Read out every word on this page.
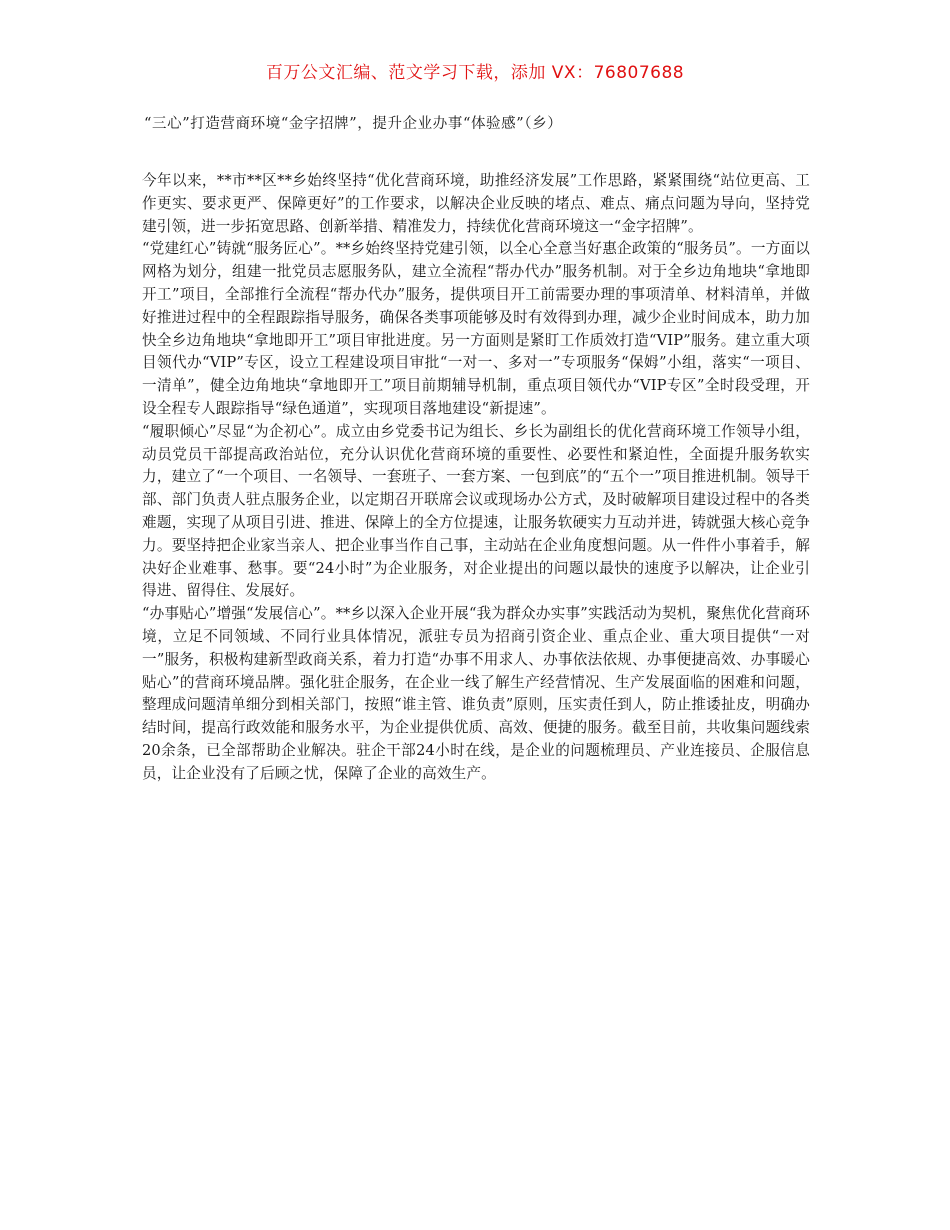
百万公文汇编、范文学习下载，添加 VX：76807688
“三心”打造营商环境“金字招牌”，提升企业办事“体验感”（乡）

今年以来，**市**区**乡始终坚持“优化营商环境，助推经济发展”工作思路，紧紧围绕“站位更高、工作更实、要求更严、保障更好”的工作要求，以解决企业反映的堵点、难点、痛点问题为导向，坚持党建引领，进一步拓宽思路、创新举措、精准发力，持续优化营商环境这一“金字招牌”。

“党建红心”铸就“服务匠心”。**乡始终坚持党建引领，以全心全意当好惠企政策的“服务员”。一方面以网格为划分，组建一批党员志愿服务队，建立全流程“帮办代办”服务机制。对于全乡边角地块“拿地即开工”项目，全部推行全流程“帮办代办”服务，提供项目开工前需要办理的事项清单、材料清单，并做好推进过程中的全程跟踪指导服务，确保各类事项能够及时有效得到办理，减少企业时间成本，助力加快全乡边角地块“拿地即开工”项目审批进度。另一方面则是紧盯工作质效打造“VIP”服务。建立重大项目领代办“VIP”专区，设立工程建设项目审批“一对一、多对一”专项服务“保姆”小组，落实“一项目、一清单”，健全边角地块“拿地即开工”项目前期辅导机制，重点项目领代办“VIP专区”全时段受理，开设全程专人跟踪指导“绿色通道”，实现项目落地建设“新提速”。

“履职倾心”尽显“为企初心”。成立由乡党委书记为组长、乡长为副组长的优化营商环境工作领导小组，动员党员干部提高政治站位，充分认识优化营商环境的重要性、必要性和紧迫性，全面提升服务软实力，建立了“一个项目、一名领导、一套班子、一套方案、一包到底”的“五个一”项目推进机制。领导干部、部门负责人驻点服务企业，以定期召开联席会议或现场办公方式，及时破解项目建设过程中的各类难题，实现了从项目引进、推进、保障上的全方位提速，让服务软硬实力互动并进，铸就强大核心竞争力。要坚持把企业家当亲人、把企业事当作自己事，主动站在企业角度想问题。从一件件小事着手，解决好企业难事、愁事。要“24小时”为企业服务，对企业提出的问题以最快的速度予以解决，让企业引得进、留得住、发展好。

“办事贴心”增强“发展信心”。**乡以深入企业开展“我为群众办实事”实践活动为契机，聚焦优化营商环境，立足不同领域、不同行业具体情况，派驻专员为招商引资企业、重点企业、重大项目提供“一对一”服务，积极构建新型政商关系，着力打造“办事不用求人、办事依法依规、办事便捷高效、办事暖心贴心”的营商环境品牌。强化驻企服务，在企业一线了解生产经营情况、生产发展面临的困难和问题，整理成问题清单细分到相关部门，按照“谁主管、谁负责”原则，压实责任到人，防止推诿扯皮，明确办结时间，提高行政效能和服务水平，为企业提供优质、高效、便捷的服务。截至目前，共收集问题线索20余条，已全部帮助企业解决。驻企干部24小时在线，是企业的问题梳理员、产业连接员、企服信息员，让企业没有了后顾之忧，保障了企业的高效生产。
